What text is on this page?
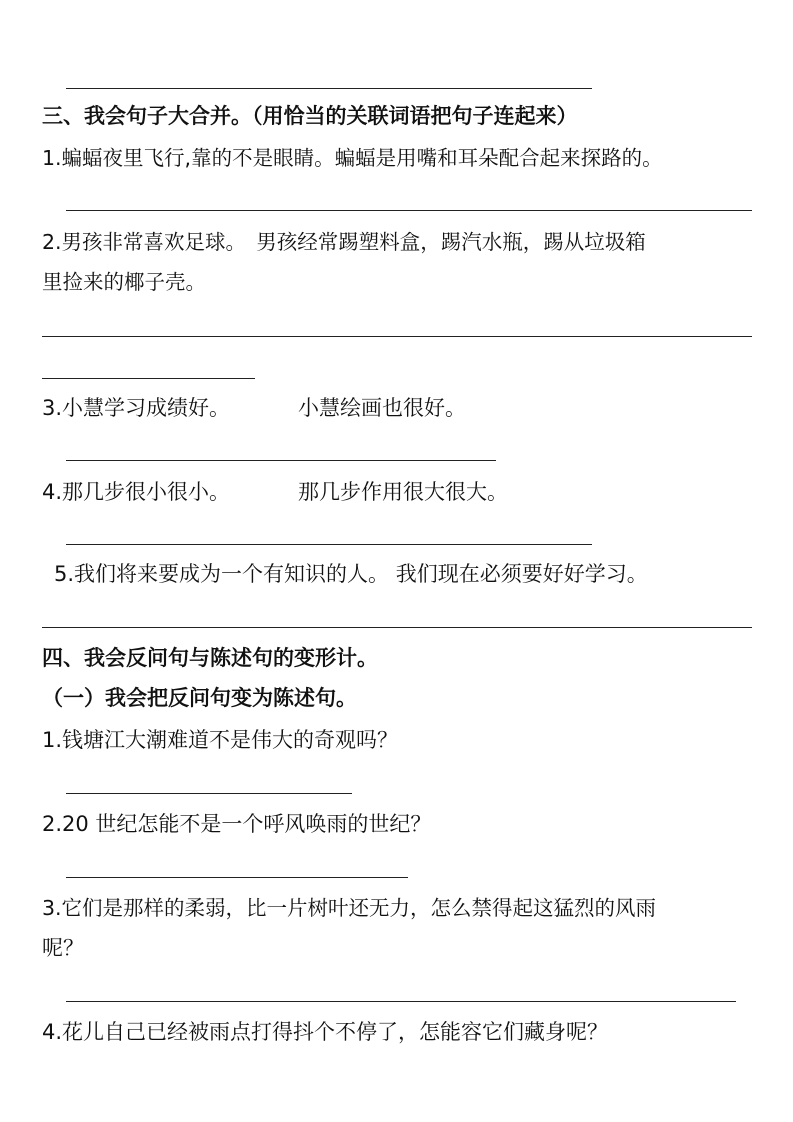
三、我会句子大合并。（用恰当的关联词语把句子连起来）
1.蝙蝠夜里飞行,靠的不是眼睛。蝙蝠是用嘴和耳朵配合起来探路的。
2.男孩非常喜欢足球。　男孩经常踢塑料盒，踢汽水瓶，踢从垃圾箱
里捡来的椰子壳。
3.小慧学习成绩好。	小慧绘画也很好。
4.那几步很小很小。	那几步作用很大很大。
5.我们将来要成为一个有知识的人。 我们现在必须要好好学习。
四、我会反问句与陈述句的变形计。
（一）我会把反问句变为陈述句。
1.钱塘江大潮难道不是伟大的奇观吗？
2.20 世纪怎能不是一个呼风唤雨的世纪？
3.它们是那样的柔弱，比一片树叶还无力，怎么禁得起这猛烈的风雨
呢？
4.花儿自己已经被雨点打得抖个不停了，怎能容它们藏身呢？
